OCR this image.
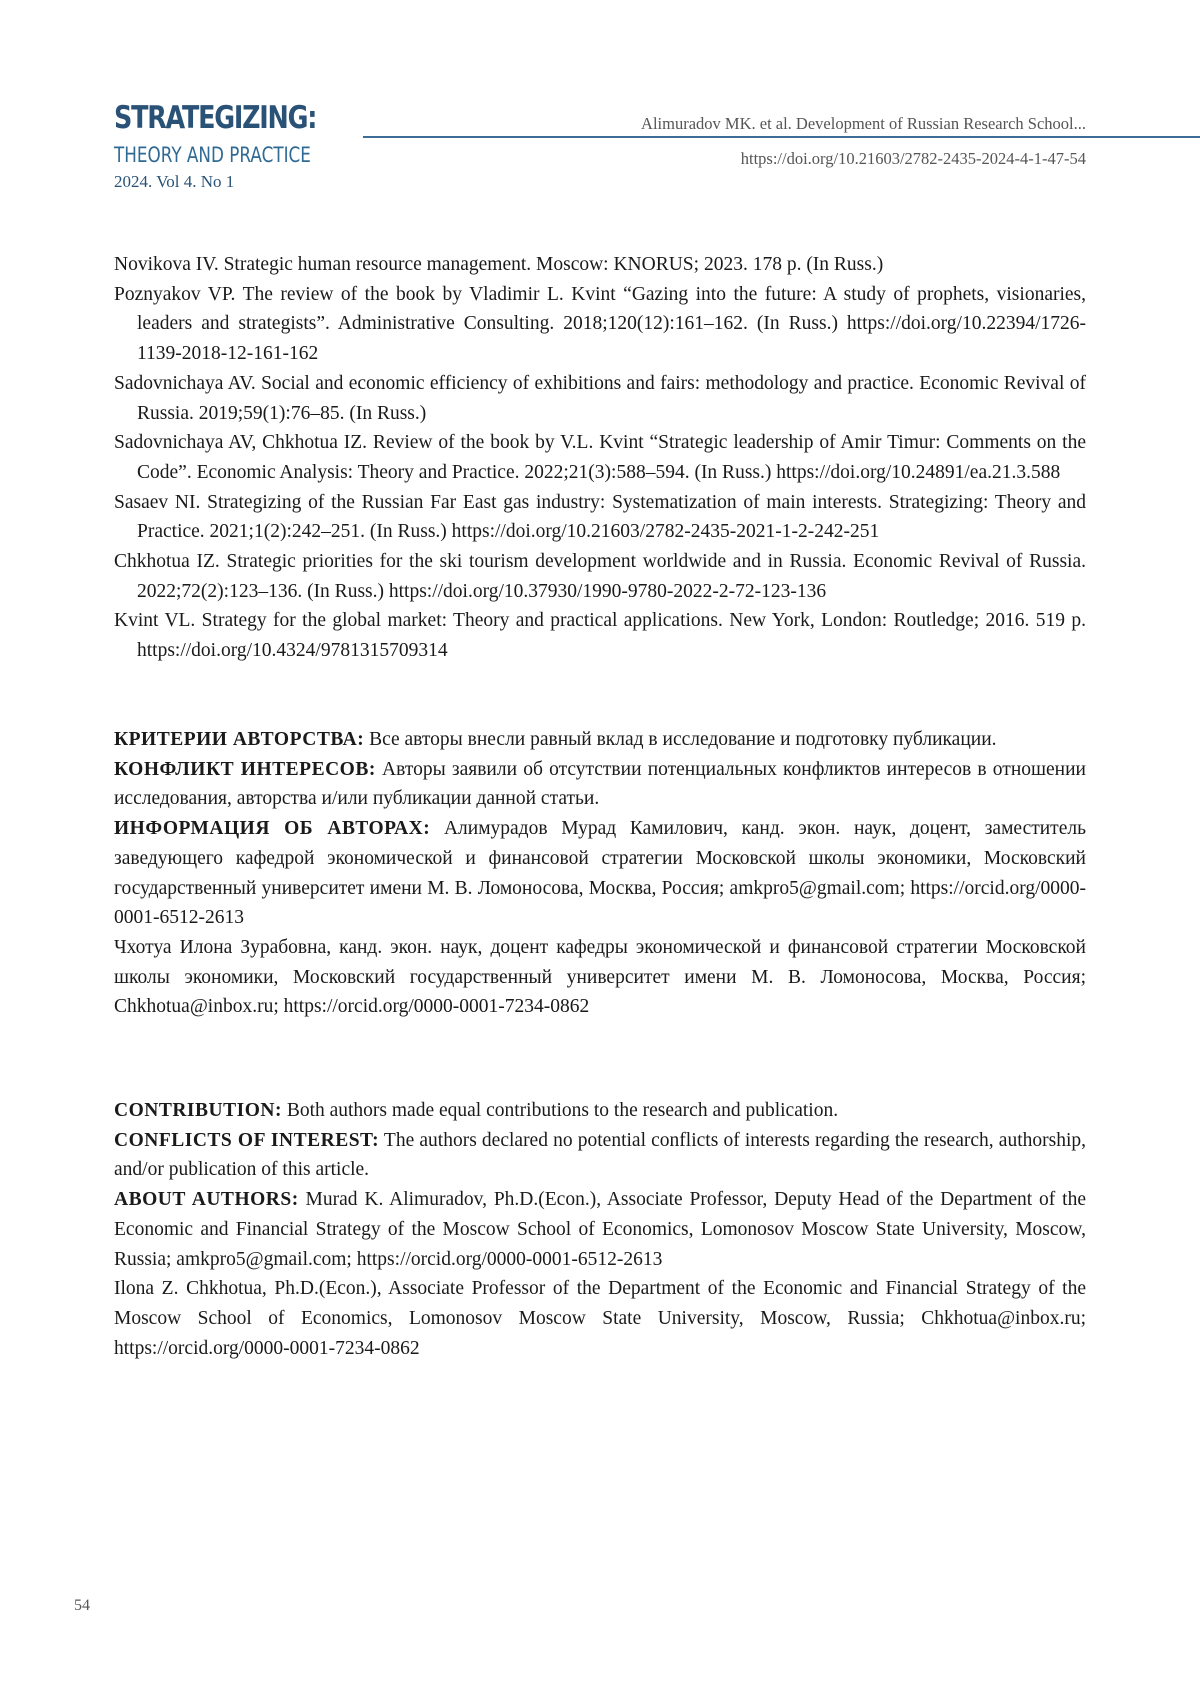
STRATEGIZING:
THEORY AND PRACTICE
2024. Vol 4. No 1
Alimuradov MK. et al. Development of Russian Research School...
https://doi.org/10.21603/2782-2435-2024-4-1-47-54

Novikova IV. Strategic human resource management. Moscow: KNORUS; 2023. 178 p. (In Russ.)

Poznyakov VP. The review of the book by Vladimir L. Kvint “Gazing into the future: A study of prophets, visionaries, leaders and strategists”. Administrative Consulting. 2018;120(12):161–162. (In Russ.) https://doi.org/10.22394/1726-1139-2018-12-161-162

Sadovnichaya AV. Social and economic efficiency of exhibitions and fairs: methodology and practice. Economic Revival of Russia. 2019;59(1):76–85. (In Russ.)

Sadovnichaya AV, Chkhotua IZ. Review of the book by V.L. Kvint “Strategic leadership of Amir Timur: Comments on the Code”. Economic Analysis: Theory and Practice. 2022;21(3):588–594. (In Russ.) https://doi.org/10.24891/ea.21.3.588

Sasaev NI. Strategizing of the Russian Far East gas industry: Systematization of main interests. Strategizing: Theory and Practice. 2021;1(2):242–251. (In Russ.) https://doi.org/10.21603/2782-2435-2021-1-2-242-251

Chkhotua IZ. Strategic priorities for the ski tourism development worldwide and in Russia. Economic Revival of Russia. 2022;72(2):123–136. (In Russ.) https://doi.org/10.37930/1990-9780-2022-2-72-123-136

Kvint VL. Strategy for the global market: Theory and practical applications. New York, London: Routledge; 2016. 519 p. https://doi.org/10.4324/9781315709314

КРИТЕРИИ АВТОРСТВА: Все авторы внесли равный вклад в исследование и подготовку публикации.

КОНФЛИКТ ИНТЕРЕСОВ: Авторы заявили об отсутствии потенциальных конфликтов интересов в отношении исследования, авторства и/или публикации данной статьи.

ИНФОРМАЦИЯ ОБ АВТОРАХ: Алимурадов Мурад Камилович, канд. экон. наук, доцент, заместитель заведующего кафедрой экономической и финансовой стратегии Московской школы экономики, Московский государственный университет имени М. В. Ломоносова, Москва, Россия; amkpro5@gmail.com; https://orcid.org/0000-0001-6512-2613

Чхотуа Илона Зурабовна, канд. экон. наук, доцент кафедры экономической и финансовой стратегии Московской школы экономики, Московский государственный университет имени М. В. Ломоносова, Москва, Россия; Chkhotua@inbox.ru; https://orcid.org/0000-0001-7234-0862

CONTRIBUTION: Both authors made equal contributions to the research and publication.

CONFLICTS OF INTEREST: The authors declared no potential conflicts of interests regarding the research, authorship, and/or publication of this article.

ABOUT AUTHORS: Murad K. Alimuradov, Ph.D.(Econ.), Associate Professor, Deputy Head of the Department of the Economic and Financial Strategy of the Moscow School of Economics, Lomonosov Moscow State University, Moscow, Russia; amkpro5@gmail.com; https://orcid.org/0000-0001-6512-2613

Ilona Z. Chkhotua, Ph.D.(Econ.), Associate Professor of the Department of the Economic and Financial Strategy of the Moscow School of Economics, Lomonosov Moscow State University, Moscow, Russia; Chkhotua@inbox.ru; https://orcid.org/0000-0001-7234-0862

54
